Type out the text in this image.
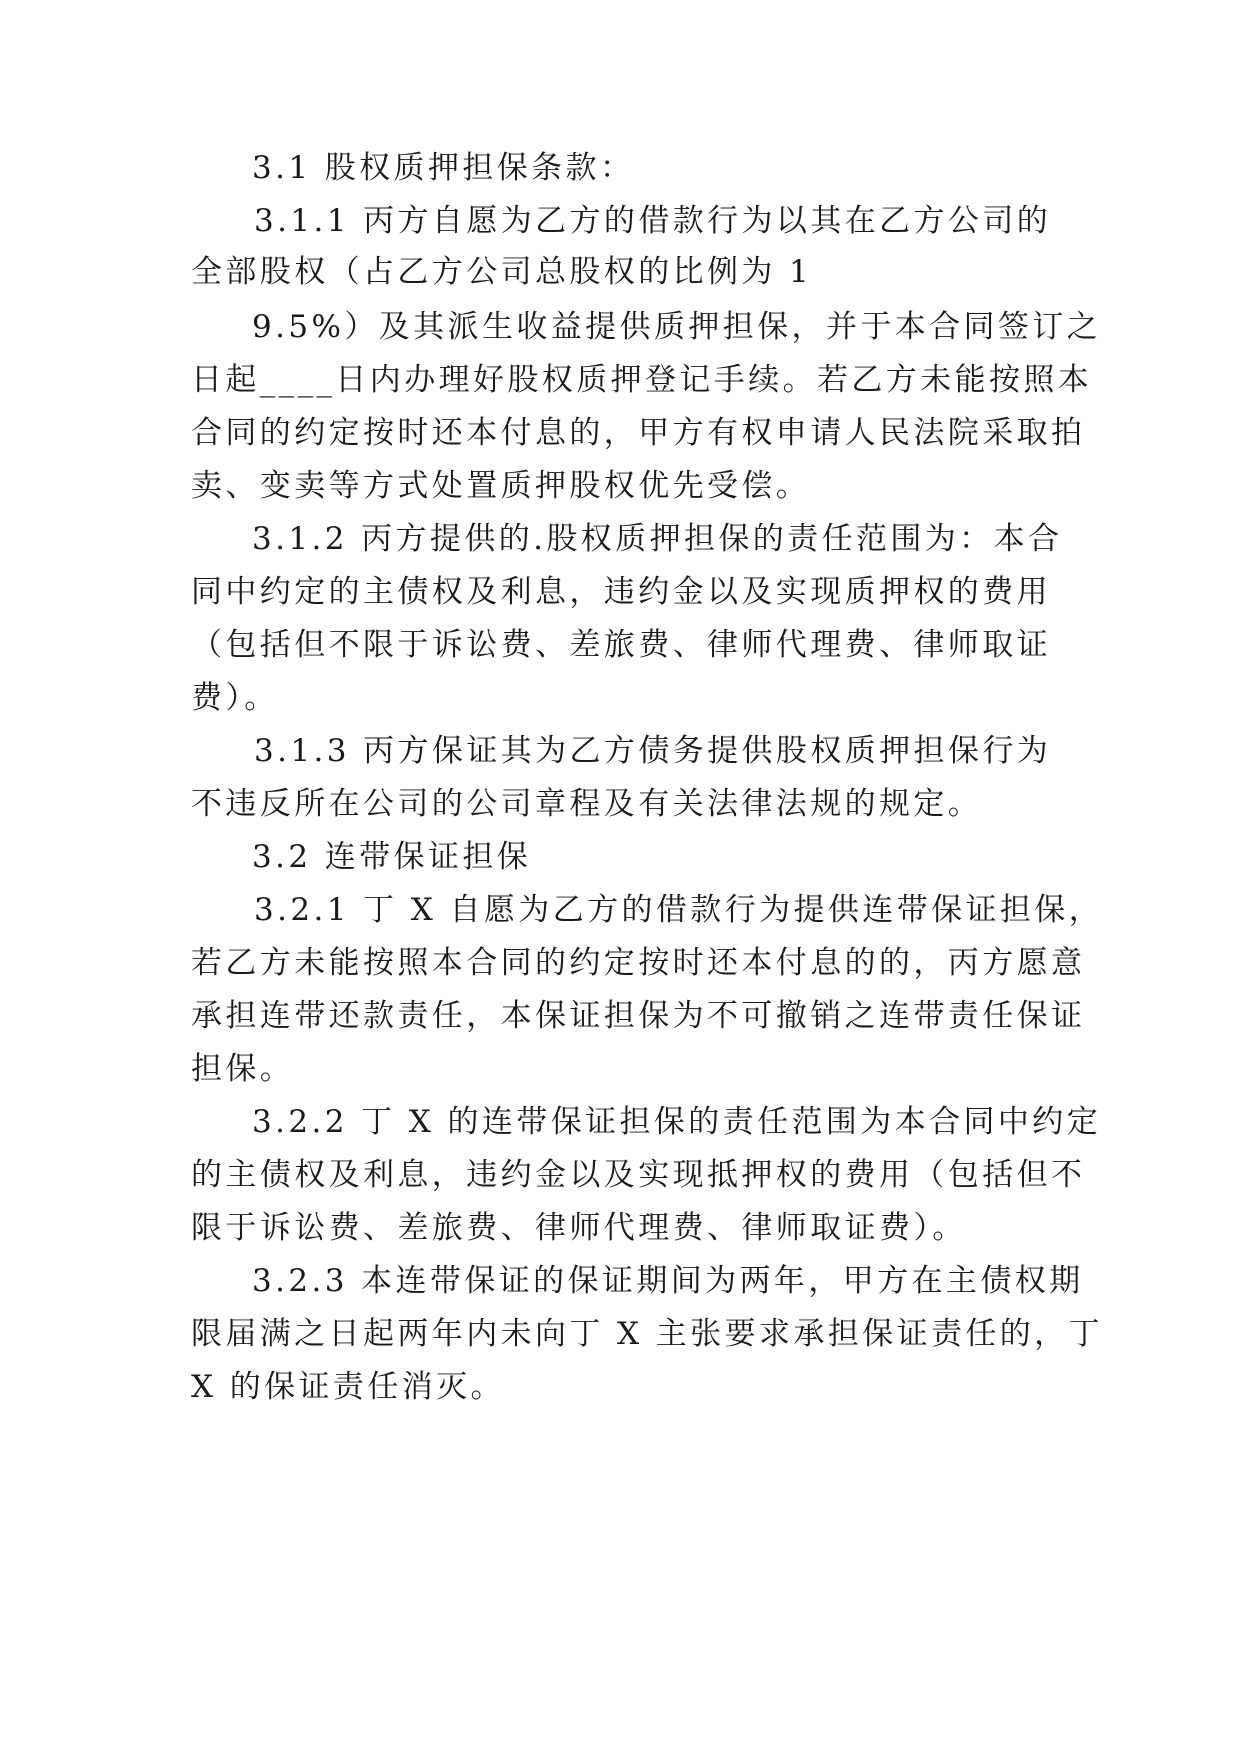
3.1 股权质押担保条款：
3.1.1 丙方自愿为乙方的借款行为以其在乙方公司的
全部股权（占乙方公司总股权的比例为 1
9.5%）及其派生收益提供质押担保，并于本合同签订之
日起____日内办理好股权质押登记手续。若乙方未能按照本
合同的约定按时还本付息的，甲方有权申请人民法院采取拍
卖、变卖等方式处置质押股权优先受偿。
3.1.2 丙方提供的.股权质押担保的责任范围为：本合
同中约定的主债权及利息，违约金以及实现质押权的费用
（包括但不限于诉讼费、差旅费、律师代理费、律师取证
费）。
3.1.3 丙方保证其为乙方债务提供股权质押担保行为
不违反所在公司的公司章程及有关法律法规的规定。
3.2 连带保证担保
3.2.1 丁 X 自愿为乙方的借款行为提供连带保证担保，
若乙方未能按照本合同的约定按时还本付息的的，丙方愿意
承担连带还款责任，本保证担保为不可撤销之连带责任保证
担保。
3.2.2 丁 X 的连带保证担保的责任范围为本合同中约定
的主债权及利息，违约金以及实现抵押权的费用（包括但不
限于诉讼费、差旅费、律师代理费、律师取证费）。
3.2.3 本连带保证的保证期间为两年，甲方在主债权期
限届满之日起两年内未向丁 X 主张要求承担保证责任的，丁
X 的保证责任消灭。
